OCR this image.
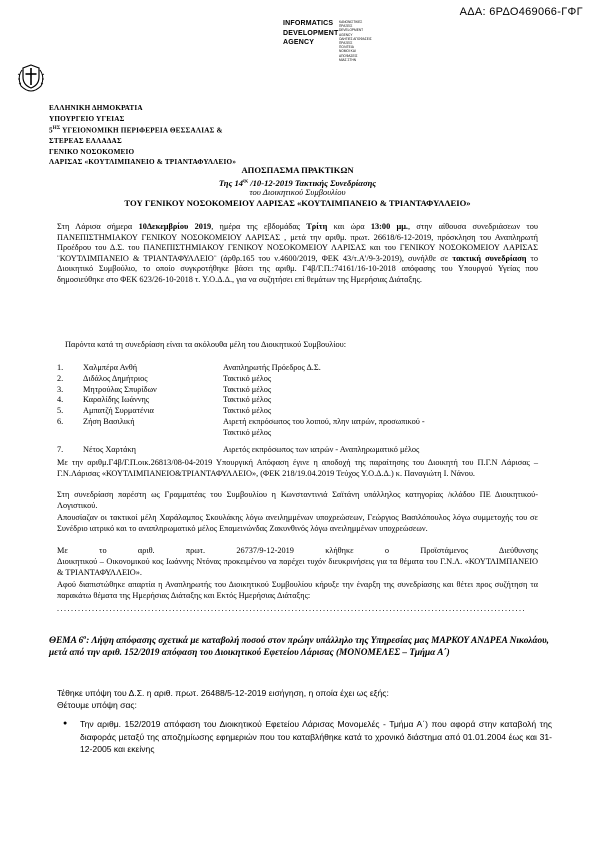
ΑΔΑ: 6ΡΔΟ469066-ΓΦΓ
INFORMATICS
DEVELOPMENT
AGENCY
ΚΑΝΟΝΙΣΤΙΚΕΣ
ΠΡΑΞΕΙΣ
DEVELOPMENT AGENCY
ΟΔΗΓΙΕΣ ΑΠΟΦΑΣΕΙΣ
ΠΡΑΞΕΙΣ
ΠΟΛΙΤΕΙΑ
ΝΟΜΟΙ ΚΑΙ
ΑΠΟΦΑΣΕΙΣ
ΜΙΑΣ ΣΤΗΝ
ΕΛΛΗΝΙΚΗ ΔΗΜΟΚΡΑΤΙΑ
ΥΠΟΥΡΓΕΙΟ ΥΓΕΙΑΣ
$5^{H\Sigma}$ ΥΓΕΙΟΝΟΜΙΚΗ ΠΕΡΙΦΕΡΕΙΑ ΘΕΣΣΑΛΙΑΣ &
ΣΤΕΡΕΑΣ ΕΛΛΑΔΑΣ
ΓΕΝΙΚΟ ΝΟΣΟΚΟΜΕΙΟ
ΛΑΡΙΣΑΣ «ΚΟΥΤΛΙΜΠΑΝΕΙΟ & ΤΡΙΑΝΤΑΦΥΛΛΕΙΟ»
ΑΠΟΣΠΑΣΜΑ ΠΡΑΚΤΙΚΩΝ
Της $14^{\eta\varsigma}$ /10-12-2019 Τακτικής Συνεδρίασης
του Διοικητικού Συμβουλίου
ΤΟΥ ΓΕΝΙΚΟΥ ΝΟΣΟΚΟΜΕΙΟΥ ΛΑΡΙΣΑΣ «ΚΟΥΤΛΙΜΠΑΝΕΙΟ & ΤΡΙΑΝΤΑΦΥΛΛΕΙΟ»
Στη Λάρισα σήμερα 10Δεκεμβρίου 2019, ημέρα της εβδομάδας Τρίτη και ώρα 13:00 μμ., στην αίθουσα συνεδριάσεων του ΠΑΝΕΠΙΣΤΗΜΙΑΚΟΥ ΓΕΝΙΚΟΥ ΝΟΣΟΚΟΜΕΙΟΥ ΛΑΡΙΣΑΣ , μετά την αριθμ. πρωτ. 26618/6-12-2019, πρόσκληση του Αναπληρωτή Προέδρου του Δ.Σ. του ΠΑΝΕΠΙΣΤΗΜΙΑΚΟΥ ΓΕΝΙΚΟΥ ΝΟΣΟΚΟΜΕΙΟΥ ΛΑΡΙΣΑΣ και του ΓΕΝΙΚΟΥ ΝΟΣΟΚΟΜΕΙΟΥ ΛΑΡΙΣΑΣ ¨ΚΟΥΤΛΙΜΠΑΝΕΙΟ & ΤΡΙΑΝΤΑΦΥΛΛΕΙΟ¨ (άρθρ.165 του ν.4600/2019, ΦΕΚ 43/τ.Α'/9-3-2019), συνήλθε σε τακτική συνεδρίαση το Διοικητικό Συμβούλιο, το οποίο συγκροτήθηκε βάσει της αριθμ. Γ4β/Γ.Π.:74161/16-10-2018 απόφασης του Υπουργού Υγείας που δημοσιεύθηκε στο ΦΕΚ 623/26-10-2018 τ. Υ.Ο.Δ.Δ., για να συζητήσει επί θεμάτων της Ημερήσιας Διάταξης.
Παρόντα κατά τη συνεδρίαση είναι τα ακόλουθα μέλη του Διοικητικού Συμβουλίου:
1. Χαλμπέρα Ανθή	Αναπληρωτής Πρόεδρος Δ.Σ.
2. Διδάλος Δημήτριος	Τακτικό μέλος
3. Μητρούλας Σπυρίδων	Τακτικό μέλος
4. Καραλίδης Ιωάννης	Τακτικό μέλος
5. Αμπατζή Συρματένια	Τακτικό μέλος
6. Ζήση Βασιλική	Αιρετή εκπρόσωπος του λοιπού, πλην ιατρών, προσωπικού -
Τακτικό μέλος
7. Νέτος Χαρτάκη	Αιρετός εκπρόσωπος των ιατρών - Αναπληρωματικό μέλος
Με την αριθμ.Γ4β/Γ.Π.οικ.26813/08-04-2019 Υπουργική Απόφαση έγινε η αποδοχή της παραίτησης του Διοικητή του Π.Γ.Ν Λάρισας – Γ.Ν.Λάρισας «ΚΟΥΤΛΙΜΠΑΝΕΙΟ&ΤΡΙΑΝΤΑΦΥΛΛΕΙΟ», (ΦΕΚ 218/19.04.2019 Τεύχος Υ.Ο.Δ.Δ.) κ. Παναγιώτη Ι. Νάνου.
Στη συνεδρίαση παρέστη ως Γραμματέας του Συμβουλίου η Κωνσταντινιά Σαϊτάνη υπάλληλος κατηγορίας /κλάδου ΠΕ Διοικητικού-Λογιστικού.
Απουσίαζαν οι τακτικοί μέλη Χαράλαμπος Σκουλάκης λόγω ανειλημμένων υποχρεώσεων, Γεώργιος Βασιλόπουλος λόγω συμμετοχής του σε Συνέδριο ιατρικό και το αναπληρωματικό μέλος Επαμεινώνδας Ζακυνθινός λόγω ανειλημμένων υποχρεώσεων.
Με το αριθ. πρωτ. 26737/9-12-2019 κλήθηκε ο Προϊστάμενος Διεύθυνσης
Διοικητικού – Οικονομικού κος Ιωάννης Ντόνας προκειμένου να παρέχει τυχόν διευκρινήσεις για τα θέματα του Γ.Ν.Λ. «ΚΟΥΤΛΙΜΠΑΝΕΙΟ & ΤΡΙΑΝΤΑΦΥΛΛΕΙΟ».
Αφού διαπιστώθηκε απαρτία η Αναπληρωτής του Διοικητικού Συμβουλίου κήρυξε την έναρξη της συνεδρίασης και θέτει προς συζήτηση τα παρακάτω θέματα της Ημερήσιας Διάταξης και Εκτός Ημερήσιας Διάταξης:
......................................................................................................................................
ΘΕΜΑ $6^o$: Λήψη απόφασης σχετικά με καταβολή ποσού στον πρώην υπάλληλο της Υπηρεσίας μας ΜΑΡΚΟΥ ΑΝΔΡΕΑ Νικολάου, μετά από την αριθ. 152/2019 απόφαση του Διοικητικού Εφετείου Λάρισας (ΜΟΝΟΜΕΛΕΣ – Τμήμα Α΄)
Τέθηκε υπόψη του Δ.Σ. η αριθ. πρωτ. 26488/5-12-2019 εισήγηση, η οποία έχει ως εξής:
Θέτουμε υπόψη σας:
● Την αριθμ. 152/2019 απόφαση του Διοικητικού Εφετείου Λάρισας Μονομελές - Τμήμα Α΄) που αφορά στην καταβολή της διαφοράς μεταξύ της αποζημίωσης εφημεριών που του καταβλήθηκε κατά το χρονικό διάστημα από 01.01.2004 έως και 31-12-2005 και εκείνης
